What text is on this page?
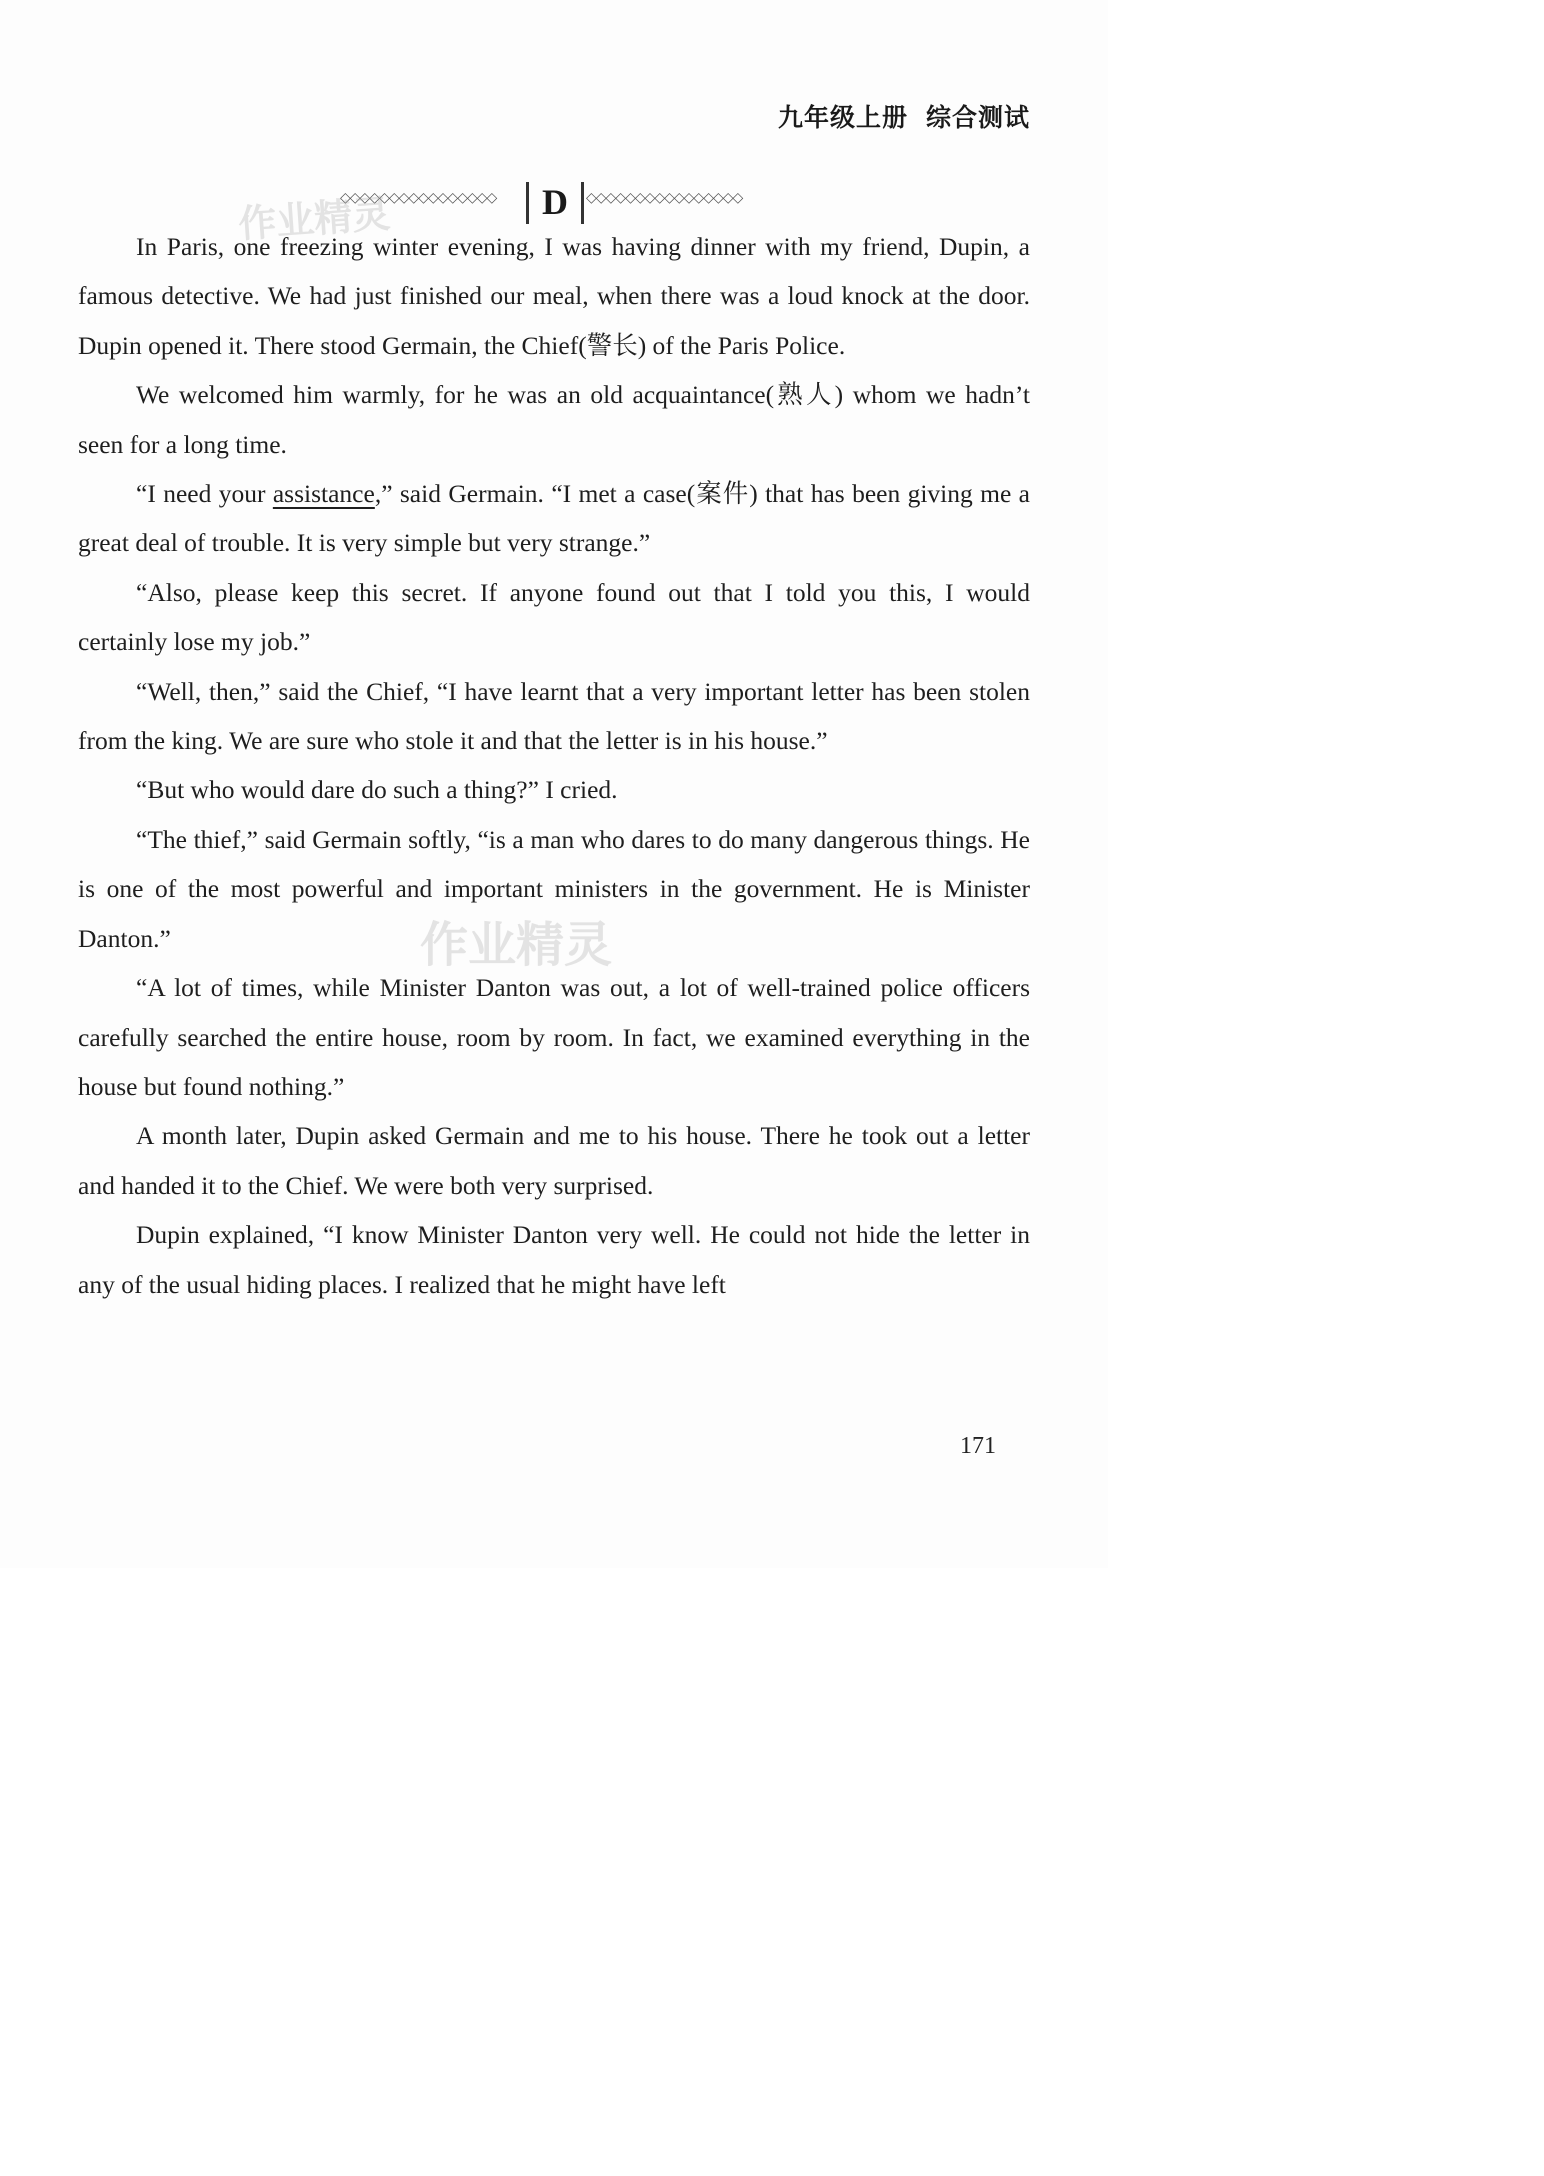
九年级上册 综合测试
◇◇◇◇◇◇◇◇◇◇◇◇◇◇◇◇	D	◇◇◇◇◇◇◇◇◇◇◇◇◇◇◇◇
作业精灵
作业精灵

In Paris, one freezing winter evening, I was having dinner with my friend, Dupin, a famous detective. We had just finished our meal, when there was a loud knock at the door. Dupin opened it. There stood Germain, the Chief(警长) of the Paris Police.

We welcomed him warmly, for he was an old acquaintance(熟人) whom we hadn’t seen for a long time.

“I need your assistance,” said Germain. “I met a case(案件) that has been giving me a great deal of trouble. It is very simple but very strange.”

“Also, please keep this secret. If anyone found out that I told you this, I would certainly lose my job.”

“Well, then,” said the Chief, “I have learnt that a very important letter has been stolen from the king. We are sure who stole it and that the letter is in his house.”

“But who would dare do such a thing?” I cried.

“The thief,” said Germain softly, “is a man who dares to do many dangerous things. He is one of the most powerful and important ministers in the government. He is Minister Danton.”

“A lot of times, while Minister Danton was out, a lot of well-trained police officers carefully searched the entire house, room by room. In fact, we examined everything in the house but found nothing.”

A month later, Dupin asked Germain and me to his house. There he took out a letter and handed it to the Chief. We were both very surprised.

Dupin explained, “I know Minister Danton very well. He could not hide the letter in any of the usual hiding places. I realized that he might have left

171
